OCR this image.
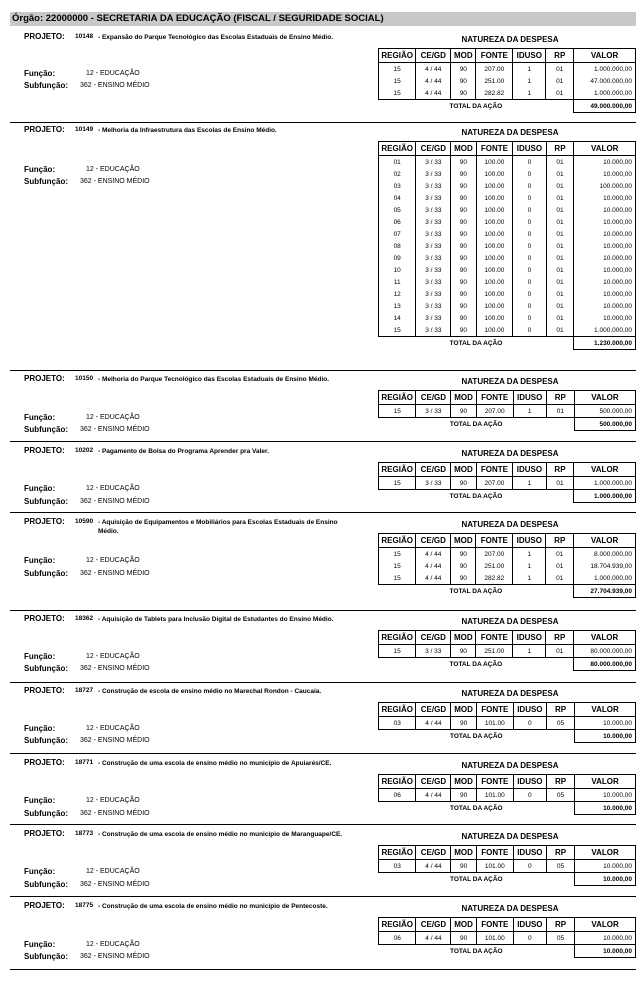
Órgão: 22000000 - SECRETARIA DA EDUCAÇÃO (FISCAL / SEGURIDADE SOCIAL)
PROJETO: 10148 - Expansão do Parque Tecnológico das Escolas Estaduais de Ensino Médio.
Função:	12 - EDUCAÇÃO
Subfunção: 362 - ENSINO MÉDIO
NATUREZA DA DESPESA
REGIÃO	CE/GD	MOD	FONTE	IDUSO	RP	VALOR
15	4 / 44	90	207.00	1	01	1.000.000,00
15	4 / 44	90	251.00	1	01	47.000.000,00
15	4 / 44	90	282.82	1	01	1.000.000,00
TOTAL DA AÇÃO						49.000.000,00
PROJETO: 10149 - Melhoria da Infraestrutura das Escolas de Ensino Médio.
Função:	12 - EDUCAÇÃO
Subfunção: 362 - ENSINO MÉDIO
NATUREZA DA DESPESA
REGIÃO	CE/GD	MOD	FONTE	IDUSO	RP	VALOR
01	3 / 33	90	100.00	0	01	10.000,00
02	3 / 33	90	100.00	0	01	10.000,00
03	3 / 33	90	100.00	0	01	100.000,00
04	3 / 33	90	100.00	0	01	10.000,00
05	3 / 33	90	100.00	0	01	10.000,00
06	3 / 33	90	100.00	0	01	10.000,00
07	3 / 33	90	100.00	0	01	10.000,00
08	3 / 33	90	100.00	0	01	10.000,00
09	3 / 33	90	100.00	0	01	10.000,00
10	3 / 33	90	100.00	0	01	10.000,00
11	3 / 33	90	100.00	0	01	10.000,00
12	3 / 33	90	100.00	0	01	10.000,00
13	3 / 33	90	100.00	0	01	10.000,00
14	3 / 33	90	100.00	0	01	10.000,00
15	3 / 33	90	100.00	0	01	1.000.000,00
TOTAL DA AÇÃO						1.230.000,00
PROJETO: 10150 - Melhoria do Parque Tecnológico das Escolas Estaduais de Ensino Médio.
Função:	12 - EDUCAÇÃO
Subfunção: 362 - ENSINO MÉDIO
NATUREZA DA DESPESA
REGIÃO	CE/GD	MOD	FONTE	IDUSO	RP	VALOR
15	3 / 33	90	207.00	1	01	500.000,00
TOTAL DA AÇÃO						500.000,00
PROJETO: 10202 - Pagamento de Bolsa do Programa Aprender pra Valer.
Função:	12 - EDUCAÇÃO
Subfunção: 362 - ENSINO MÉDIO
NATUREZA DA DESPESA
REGIÃO	CE/GD	MOD	FONTE	IDUSO	RP	VALOR
15	3 / 33	90	207.00	1	01	1.000.000,00
TOTAL DA AÇÃO						1.000.000,00
PROJETO: 10590 - Aquisição de Equipamentos e Mobiliários para Escolas Estaduais de Ensino Médio.
Função:	12 - EDUCAÇÃO
Subfunção: 362 - ENSINO MÉDIO
NATUREZA DA DESPESA
REGIÃO	CE/GD	MOD	FONTE	IDUSO	RP	VALOR
15	4 / 44	90	207.00	1	01	8.000.000,00
15	4 / 44	90	251.00	1	01	18.704.939,00
15	4 / 44	90	282.82	1	01	1.000.000,00
TOTAL DA AÇÃO						27.704.939,00
PROJETO: 18362 - Aquisição de Tablets para Inclusão Digital de Estudantes do Ensino Médio.
Função:	12 - EDUCAÇÃO
Subfunção: 362 - ENSINO MÉDIO
NATUREZA DA DESPESA
REGIÃO	CE/GD	MOD	FONTE	IDUSO	RP	VALOR
15	3 / 33	90	251.00	1	01	80.000.000,00
TOTAL DA AÇÃO						80.000.000,00
PROJETO: 18727 - Construção de escola de ensino médio no Marechal Rondon - Caucaia.
Função:	12 - EDUCAÇÃO
Subfunção: 362 - ENSINO MÉDIO
NATUREZA DA DESPESA
REGIÃO	CE/GD	MOD	FONTE	IDUSO	RP	VALOR
03	4 / 44	90	101.00	0	05	10.000,00
TOTAL DA AÇÃO						10.000,00
PROJETO: 18771 - Construção de uma escola de ensino médio no município de Apuiarés/CE.
Função:	12 - EDUCAÇÃO
Subfunção: 362 - ENSINO MÉDIO
NATUREZA DA DESPESA
REGIÃO	CE/GD	MOD	FONTE	IDUSO	RP	VALOR
06	4 / 44	90	101.00	0	05	10.000,00
TOTAL DA AÇÃO						10.000,00
PROJETO: 18773 - Construção de uma escola de ensino médio no município de Maranguape/CE.
Função:	12 - EDUCAÇÃO
Subfunção: 362 - ENSINO MÉDIO
NATUREZA DA DESPESA
REGIÃO	CE/GD	MOD	FONTE	IDUSO	RP	VALOR
03	4 / 44	90	101.00	0	05	10.000,00
TOTAL DA AÇÃO						10.000,00
PROJETO: 18775 - Construção de uma escola de ensino médio no município de Pentecoste.
Função:	12 - EDUCAÇÃO
Subfunção: 362 - ENSINO MÉDIO
NATUREZA DA DESPESA
REGIÃO	CE/GD	MOD	FONTE	IDUSO	RP	VALOR
06	4 / 44	90	101.00	0	05	10.000,00
TOTAL DA AÇÃO						10.000,00
